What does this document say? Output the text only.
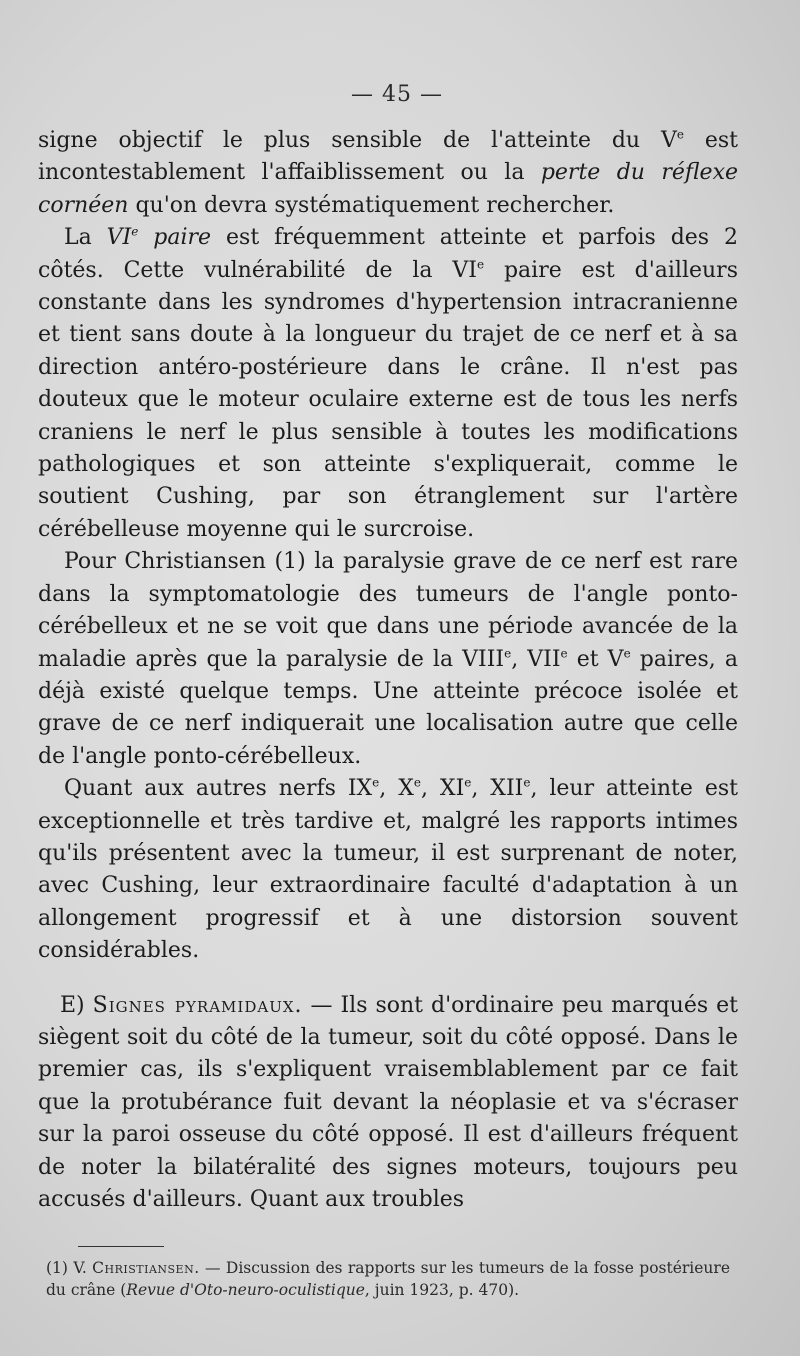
— 45 —

signe objectif le plus sensible de l'atteinte du Ve est incontestablement l'affaiblissement ou la perte du réflexe cornéen qu'on devra systématiquement rechercher.

La VIe paire est fréquemment atteinte et parfois des 2 côtés. Cette vulnérabilité de la VIe paire est d'ailleurs constante dans les syndromes d'hypertension intracranienne et tient sans doute à la longueur du trajet de ce nerf et à sa direction antéro-postérieure dans le crâne. Il n'est pas douteux que le moteur oculaire externe est de tous les nerfs craniens le nerf le plus sensible à toutes les modifications pathologiques et son atteinte s'expliquerait, comme le soutient Cushing, par son étranglement sur l'artère cérébelleuse moyenne qui le surcroise.

Pour Christiansen (1) la paralysie grave de ce nerf est rare dans la symptomatologie des tumeurs de l'angle ponto-cérébelleux et ne se voit que dans une période avancée de la maladie après que la paralysie de la VIIIe, VIIe et Ve paires, a déjà existé quelque temps. Une atteinte précoce isolée et grave de ce nerf indiquerait une localisation autre que celle de l'angle ponto-cérébelleux.

Quant aux autres nerfs IXe, Xe, XIe, XIIe, leur atteinte est exceptionnelle et très tardive et, malgré les rapports intimes qu'ils présentent avec la tumeur, il est surprenant de noter, avec Cushing, leur extraordinaire faculté d'adaptation à un allongement progressif et à une distorsion souvent considérables.

E) Signes pyramidaux. — Ils sont d'ordinaire peu marqués et siègent soit du côté de la tumeur, soit du côté opposé. Dans le premier cas, ils s'expliquent vraisemblablement par ce fait que la protubérance fuit devant la néoplasie et va s'écraser sur la paroi osseuse du côté opposé. Il est d'ailleurs fréquent de noter la bilatéralité des signes moteurs, toujours peu accusés d'ailleurs. Quant aux troubles

(1) V. Christiansen. — Discussion des rapports sur les tumeurs de la fosse postérieure du crâne (Revue d'Oto-neuro-oculistique, juin 1923, p. 470).
